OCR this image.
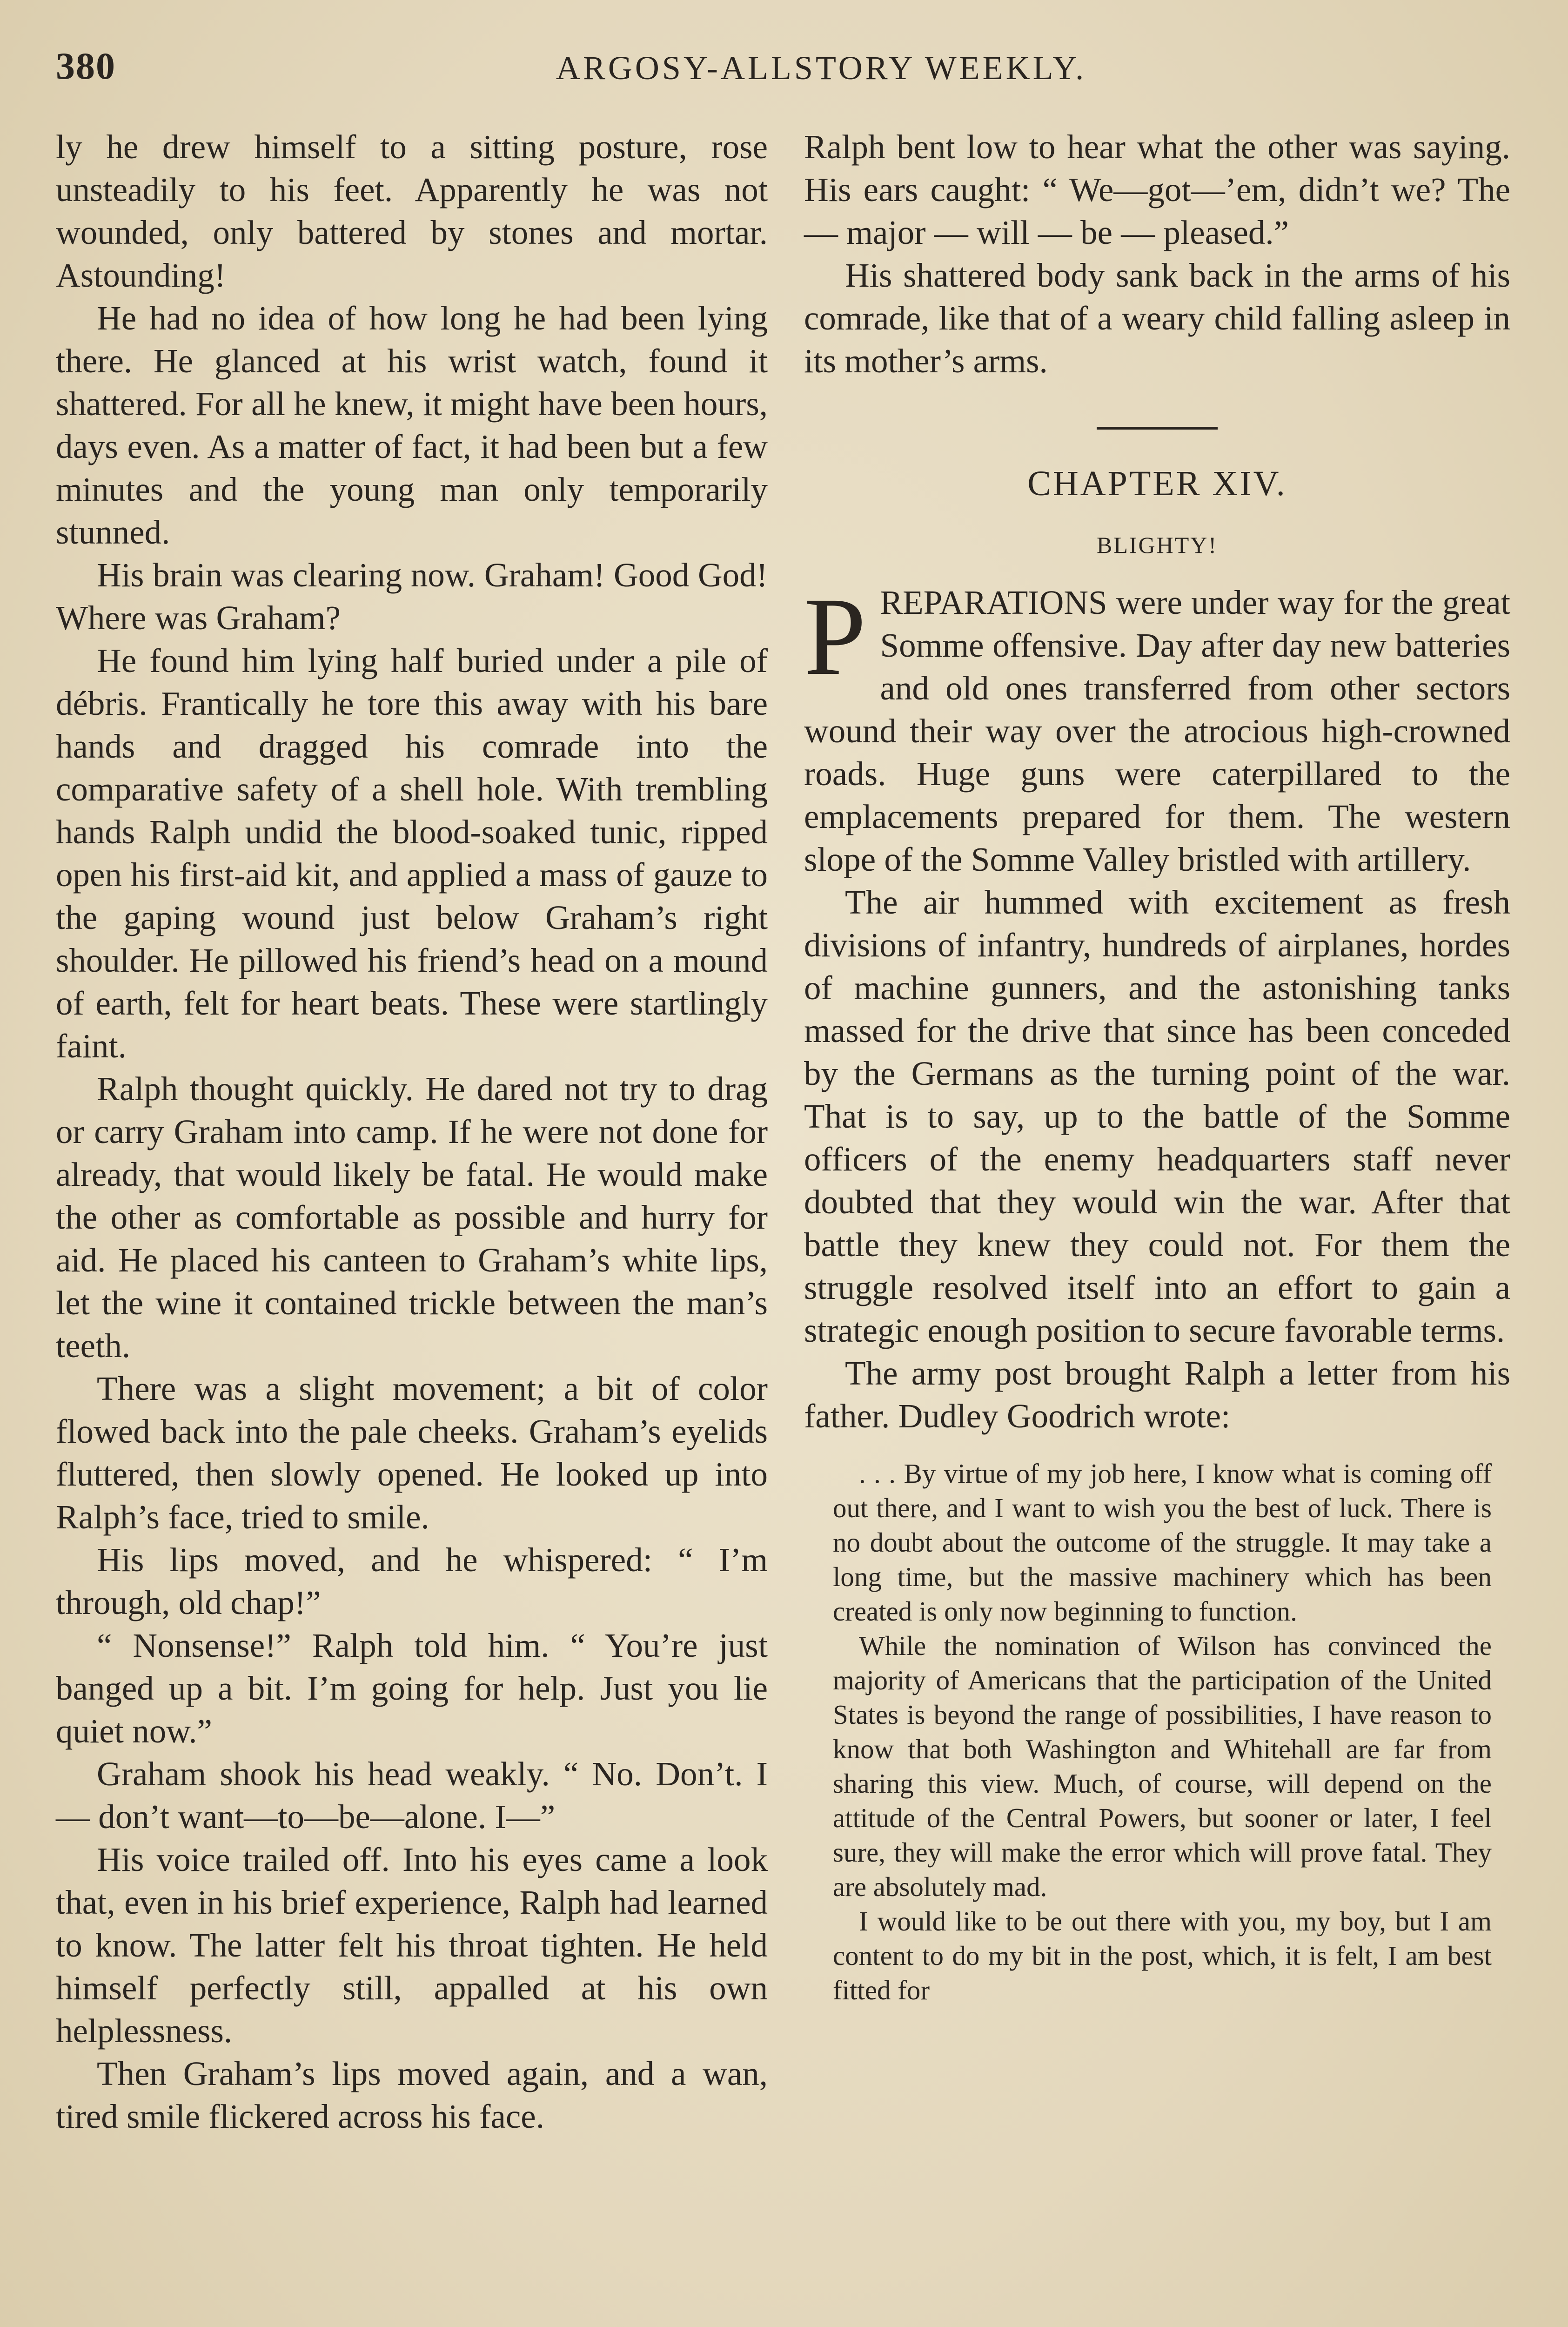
380	ARGOSY-ALLSTORY WEEKLY.

ly he drew himself to a sitting posture, rose unsteadily to his feet. Apparently he was not wounded, only battered by stones and mortar. Astounding!

He had no idea of how long he had been lying there. He glanced at his wrist watch, found it shattered. For all he knew, it might have been hours, days even. As a matter of fact, it had been but a few minutes and the young man only temporarily stunned.

His brain was clearing now. Graham! Good God! Where was Graham?

He found him lying half buried under a pile of débris. Frantically he tore this away with his bare hands and dragged his comrade into the comparative safety of a shell hole. With trembling hands Ralph undid the blood-soaked tunic, ripped open his first-aid kit, and applied a mass of gauze to the gaping wound just below Graham’s right shoulder. He pillowed his friend’s head on a mound of earth, felt for heart beats. These were startlingly faint.

Ralph thought quickly. He dared not try to drag or carry Graham into camp. If he were not done for already, that would likely be fatal. He would make the other as comfortable as possible and hurry for aid. He placed his canteen to Graham’s white lips, let the wine it contained trickle between the man’s teeth.

There was a slight movement; a bit of color flowed back into the pale cheeks. Graham’s eyelids fluttered, then slowly opened. He looked up into Ralph’s face, tried to smile.

His lips moved, and he whispered: “ I’m through, old chap!”

“ Nonsense!” Ralph told him. “ You’re just banged up a bit. I’m going for help. Just you lie quiet now.”

Graham shook his head weakly. “ No. Don’t. I — don’t want—to—be—alone. I—”

His voice trailed off. Into his eyes came a look that, even in his brief experience, Ralph had learned to know. The latter felt his throat tighten. He held himself perfectly still, appalled at his own helplessness.

Then Graham’s lips moved again, and a wan, tired smile flickered across his face.

Ralph bent low to hear what the other was saying. His ears caught: “ We—got—’em, didn’t we? The — major — will — be — pleased.”

His shattered body sank back in the arms of his comrade, like that of a weary child falling asleep in its mother’s arms.

CHAPTER XIV.
BLIGHTY!

PREPARATIONS were under way for the great Somme offensive. Day after day new batteries and old ones transferred from other sectors wound their way over the atrocious high-crowned roads. Huge guns were caterpillared to the emplacements prepared for them. The western slope of the Somme Valley bristled with artillery.

The air hummed with excitement as fresh divisions of infantry, hundreds of airplanes, hordes of machine gunners, and the astonishing tanks massed for the drive that since has been conceded by the Germans as the turning point of the war. That is to say, up to the battle of the Somme officers of the enemy headquarters staff never doubted that they would win the war. After that battle they knew they could not. For them the struggle resolved itself into an effort to gain a strategic enough position to secure favorable terms.

The army post brought Ralph a letter from his father. Dudley Goodrich wrote:

. . . By virtue of my job here, I know what is coming off out there, and I want to wish you the best of luck. There is no doubt about the outcome of the struggle. It may take a long time, but the massive machinery which has been created is only now beginning to function.

While the nomination of Wilson has convinced the majority of Americans that the participation of the United States is beyond the range of possibilities, I have reason to know that both Washington and Whitehall are far from sharing this view. Much, of course, will depend on the attitude of the Central Powers, but sooner or later, I feel sure, they will make the error which will prove fatal. They are absolutely mad.

I would like to be out there with you, my boy, but I am content to do my bit in the post, which, it is felt, I am best fitted for
